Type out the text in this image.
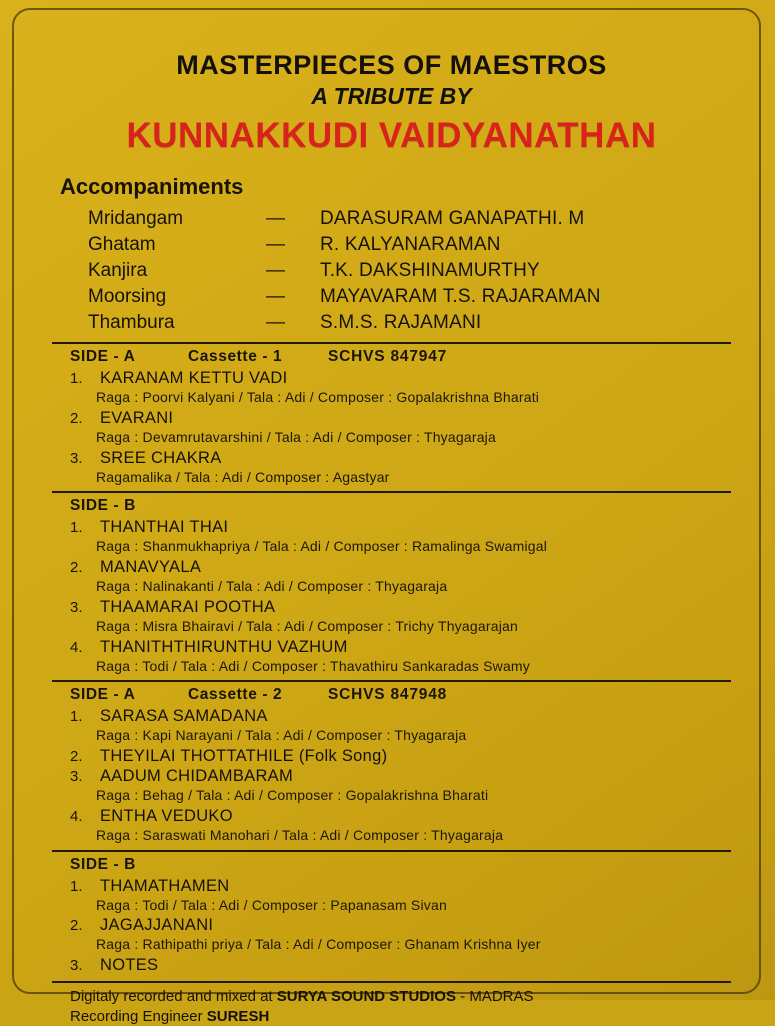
MASTERPIECES OF MAESTROS
A TRIBUTE BY
KUNNAKKUDI VAIDYANATHAN
Accompaniments
Mridangam	—	DARASURAM GANAPATHI. M
Ghatam	—	R. KALYANARAMAN
Kanjira	—	T.K. DAKSHINAMURTHY
Moorsing	—	MAYAVARAM T.S. RAJARAMAN
Thambura	—	S.M.S. RAJAMANI
SIDE - A	Cassette - 1	SCHVS 847947
1.	KARANAM KETTU VADI
Raga : Poorvi Kalyani / Tala : Adi / Composer : Gopalakrishna Bharati
2.	EVARANI
Raga : Devamrutavarshini / Tala : Adi / Composer : Thyagaraja
3.	SREE CHAKRA
Ragamalika / Tala : Adi / Composer : Agastyar
SIDE - B
1.	THANTHAI THAI
Raga : Shanmukhapriya / Tala : Adi / Composer : Ramalinga Swamigal
2.	MANAVYALA
Raga : Nalinakanti / Tala : Adi / Composer : Thyagaraja
3.	THAAMARAI POOTHA
Raga : Misra Bhairavi / Tala : Adi / Composer : Trichy Thyagarajan
4.	THANITHTHIRUNTHU VAZHUM
Raga : Todi / Tala : Adi / Composer : Thavathiru Sankaradas Swamy
SIDE - A	Cassette - 2	SCHVS 847948
1.	SARASA SAMADANA
Raga : Kapi Narayani / Tala : Adi / Composer : Thyagaraja
2.	THEYILAI THOTTATHILE (Folk Song)
3.	AADUM CHIDAMBARAM
Raga : Behag / Tala : Adi / Composer : Gopalakrishna Bharati
4.	ENTHA VEDUKO
Raga : Saraswati Manohari / Tala : Adi / Composer : Thyagaraja
SIDE - B
1.	THAMATHAMEN
Raga : Todi / Tala : Adi / Composer : Papanasam Sivan
2.	JAGAJJANANI
Raga : Rathipathi priya / Tala : Adi / Composer : Ghanam Krishna Iyer
3.	NOTES
Digitaly recorded and mixed at SURYA SOUND STUDIOS - MADRAS
Recording Engineer SURESH
